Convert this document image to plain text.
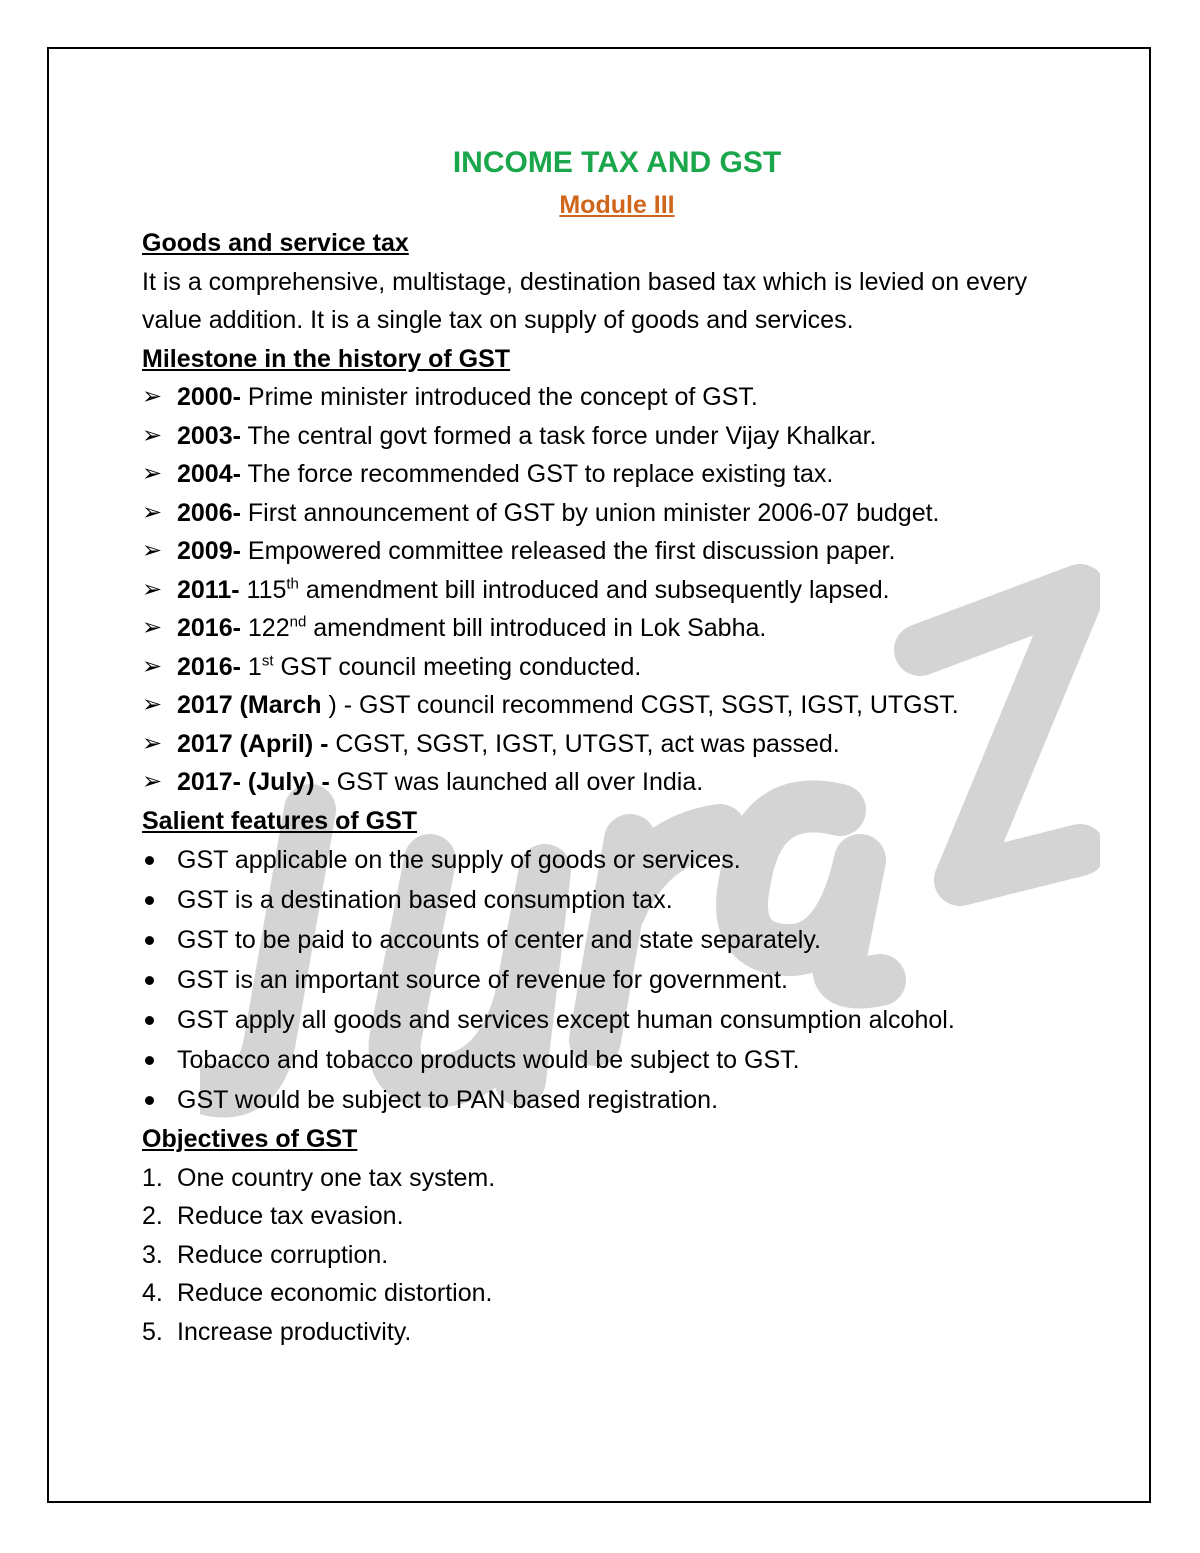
INCOME TAX AND GST
Module III
Goods and service tax

It is a comprehensive, multistage, destination based tax which is levied on every value addition. It is a single tax on supply of goods and services.

Milestone in the history of GST
➢ 2000- Prime minister introduced the concept of GST.
➢ 2003- The central govt formed a task force under Vijay Khalkar.
➢ 2004- The force recommended GST to replace existing tax.
➢ 2006- First announcement of GST by union minister 2006-07 budget.
➢ 2009- Empowered committee released the first discussion paper.
➢ 2011- 115th amendment bill introduced and subsequently lapsed.
➢ 2016- 122nd amendment bill introduced in Lok Sabha.
➢ 2016- 1st GST council meeting conducted.
➢ 2017 (March ) - GST council recommend CGST, SGST, IGST, UTGST.
➢ 2017 (April) - CGST, SGST, IGST, UTGST, act was passed.
➢ 2017- (July) - GST was launched all over India.
Salient features of GST
GST applicable on the supply of goods or services.
GST is a destination based consumption tax.
GST to be paid to accounts of center and state separately.
GST is an important source of revenue for government.
GST apply all goods and services except human consumption alcohol.
Tobacco and tobacco products would be subject to GST.
GST would be subject to PAN based registration.
Objectives of GST
1. One country one tax system.
2. Reduce tax evasion.
3. Reduce corruption.
4. Reduce economic distortion.
5. Increase productivity.
